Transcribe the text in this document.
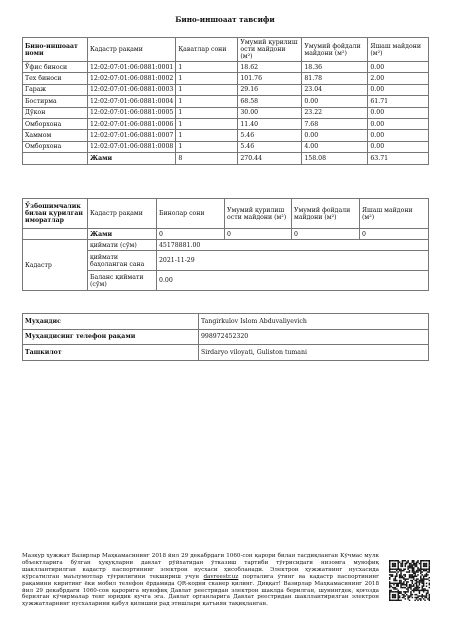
Бино-иншоаат тавсифи
Бино-иншоаат номи	Кадастр рақами	Қаватлар сони	Умумий қурилиш ости майдони (м²)	Умумий фойдали майдони (м²)	Яшаш майдони (м²)
Ўфис биноси	12:02:07:01:06:0881:0001	1	18.62	18.36	0.00
Тех биноси	12:02:07:01:06:0881:0002	1	101.76	81.78	2.00
Гараж	12:02:07:01:06:0881:0003	1	29.16	23.04	0.00
Бостирма	12:02:07:01:06:0881:0004	1	68.58	0.00	61.71
Дўкон	12:02:07:01:06:0881:0005	1	30.00	23.22	0.00
Омборхона	12:02:07:01:06:0881:0006	1	11.40	7.68	0.00
Хаммом	12:02:07:01:06:0881:0007	1	5.46	0.00	0.00
Омборхона	12:02:07:01:06:0881:0008	1	5.46	4.00	0.00
	Жами	8	270.44	158.08	63.71
Ўзбошимчалик билан қурилган иморатлар	Кадастр рақами	Бинолар сони	Умумий қурилиш ости майдони (м²)	Умумий фойдали майдони (м²)	Яшаш майдони (м²)
	Жами	0	0	0	0
Кадастр	қиймати (сўм)	45178881.00			
	қиймати баҳоланган сана	2021-11-29			
	Баланс қиймати (сўм)	0.00			
Муҳандис	Tangirkulov Islom Abduvaliyevich
Муҳандисинг телефон рақами	998972452320
Ташкилот	Sirdaryo viloyati, Guliston tumani
Мазкур ҳужжат Вазирлар Маҳкамасининг 2018 йил 29 декабрдаги 1060-сон қарори билан тасдиқланган Кўчмас мулк объектларига бўлган ҳуқуқларни давлат рўйхатидан ўтказиш тартиби тўғрисидаги низомга мувофиқ шакллантирилган кадастр паспортининг электрон нусхаси ҳисобланади. Электрон ҳужжатнинг нусхасида кўрсатилган маълумотлар тўғрилигини текшириш учун davreestr.uz порталига ўтинг ва кадастр паспортининг рақамини киритинг ёки мобил телефон ёрдамида QR-кодни сканер қилинг. Диққат! Вазирлар Маҳкамасининг 2018 йил 29 декабрдаги 1060-сон қарорига мувофиқ Давлат реестридан электрон шаклда берилган, шунингдек, қоғозда берилган кўчирмалар тенг юридик кучга эга. Давлат органларига Давлат реестридан шакллантирилган электрон ҳужжатларнинг нусхаларини қабул қилишни рад этишлари қатъиян тақиқланган.
